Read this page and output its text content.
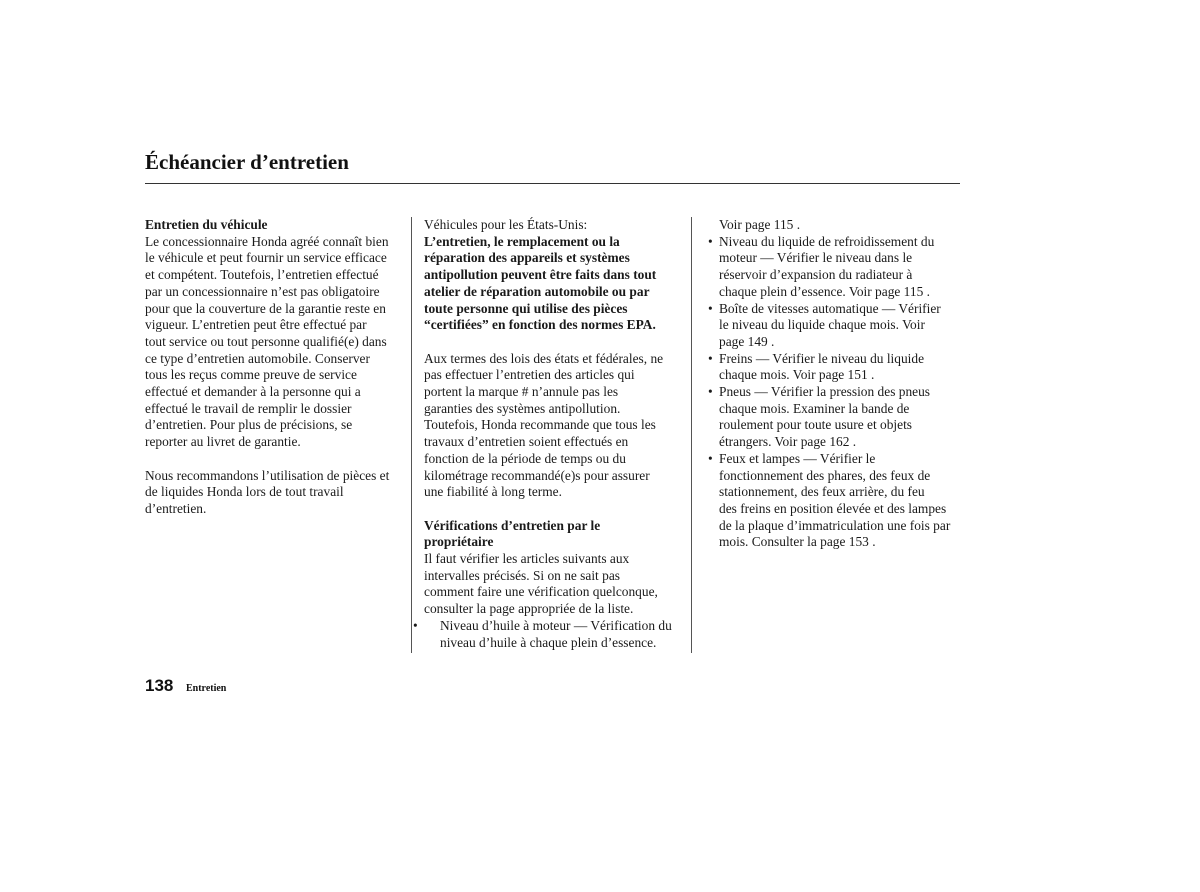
Échéancier d’entretien
Entretien du véhicule
Le concessionnaire Honda agréé connaît bien
le véhicule et peut fournir un service efficace
et compétent. Toutefois, l’entretien effectué
par un concessionnaire n’est pas obligatoire
pour que la couverture de la garantie reste en
vigueur. L’entretien peut être effectué par
tout service ou tout personne qualifié(e) dans
ce type d’entretien automobile. Conserver
tous les reçus comme preuve de service
effectué et demander à la personne qui a
effectué le travail de remplir le dossier
d’entretien. Pour plus de précisions, se
reporter au livret de garantie.
Nous recommandons l’utilisation de pièces et
de liquides Honda lors de tout travail
d’entretien.
Véhicules pour les États-Unis:
L’entretien, le remplacement ou la
réparation des appareils et systèmes
antipollution peuvent être faits dans tout
atelier de réparation automobile ou par
toute personne qui utilise des pièces
“certifiées” en fonction des normes EPA.
Aux termes des lois des états et fédérales, ne
pas effectuer l’entretien des articles qui
portent la marque # n’annule pas les
garanties des systèmes antipollution.
Toutefois, Honda recommande que tous les
travaux d’entretien soient effectués en
fonction de la période de temps ou du
kilométrage recommandé(e)s pour assurer
une fiabilité à long terme.
Vérifications d’entretien par le
propriétaire
Il faut vérifier les articles suivants aux
intervalles précisés. Si on ne sait pas
comment faire une vérification quelconque,
consulter la page appropriée de la liste.
• Niveau d’huile à moteur — Vérification du
niveau d’huile à chaque plein d’essence.
Voir page 115 .
• Niveau du liquide de refroidissement du
moteur — Vérifier le niveau dans le
réservoir d’expansion du radiateur à
chaque plein d’essence. Voir page 115 .
• Boîte de vitesses automatique — Vérifier
le niveau du liquide chaque mois. Voir
page 149 .
• Freins — Vérifier le niveau du liquide
chaque mois. Voir page 151 .
• Pneus — Vérifier la pression des pneus
chaque mois. Examiner la bande de
roulement pour toute usure et objets
étrangers. Voir page 162 .
• Feux et lampes — Vérifier le
fonctionnement des phares, des feux de
stationnement, des feux arrière, du feu
des freins en position élevée et des lampes
de la plaque d’immatriculation une fois par
mois. Consulter la page 153 .
138 Entretien
